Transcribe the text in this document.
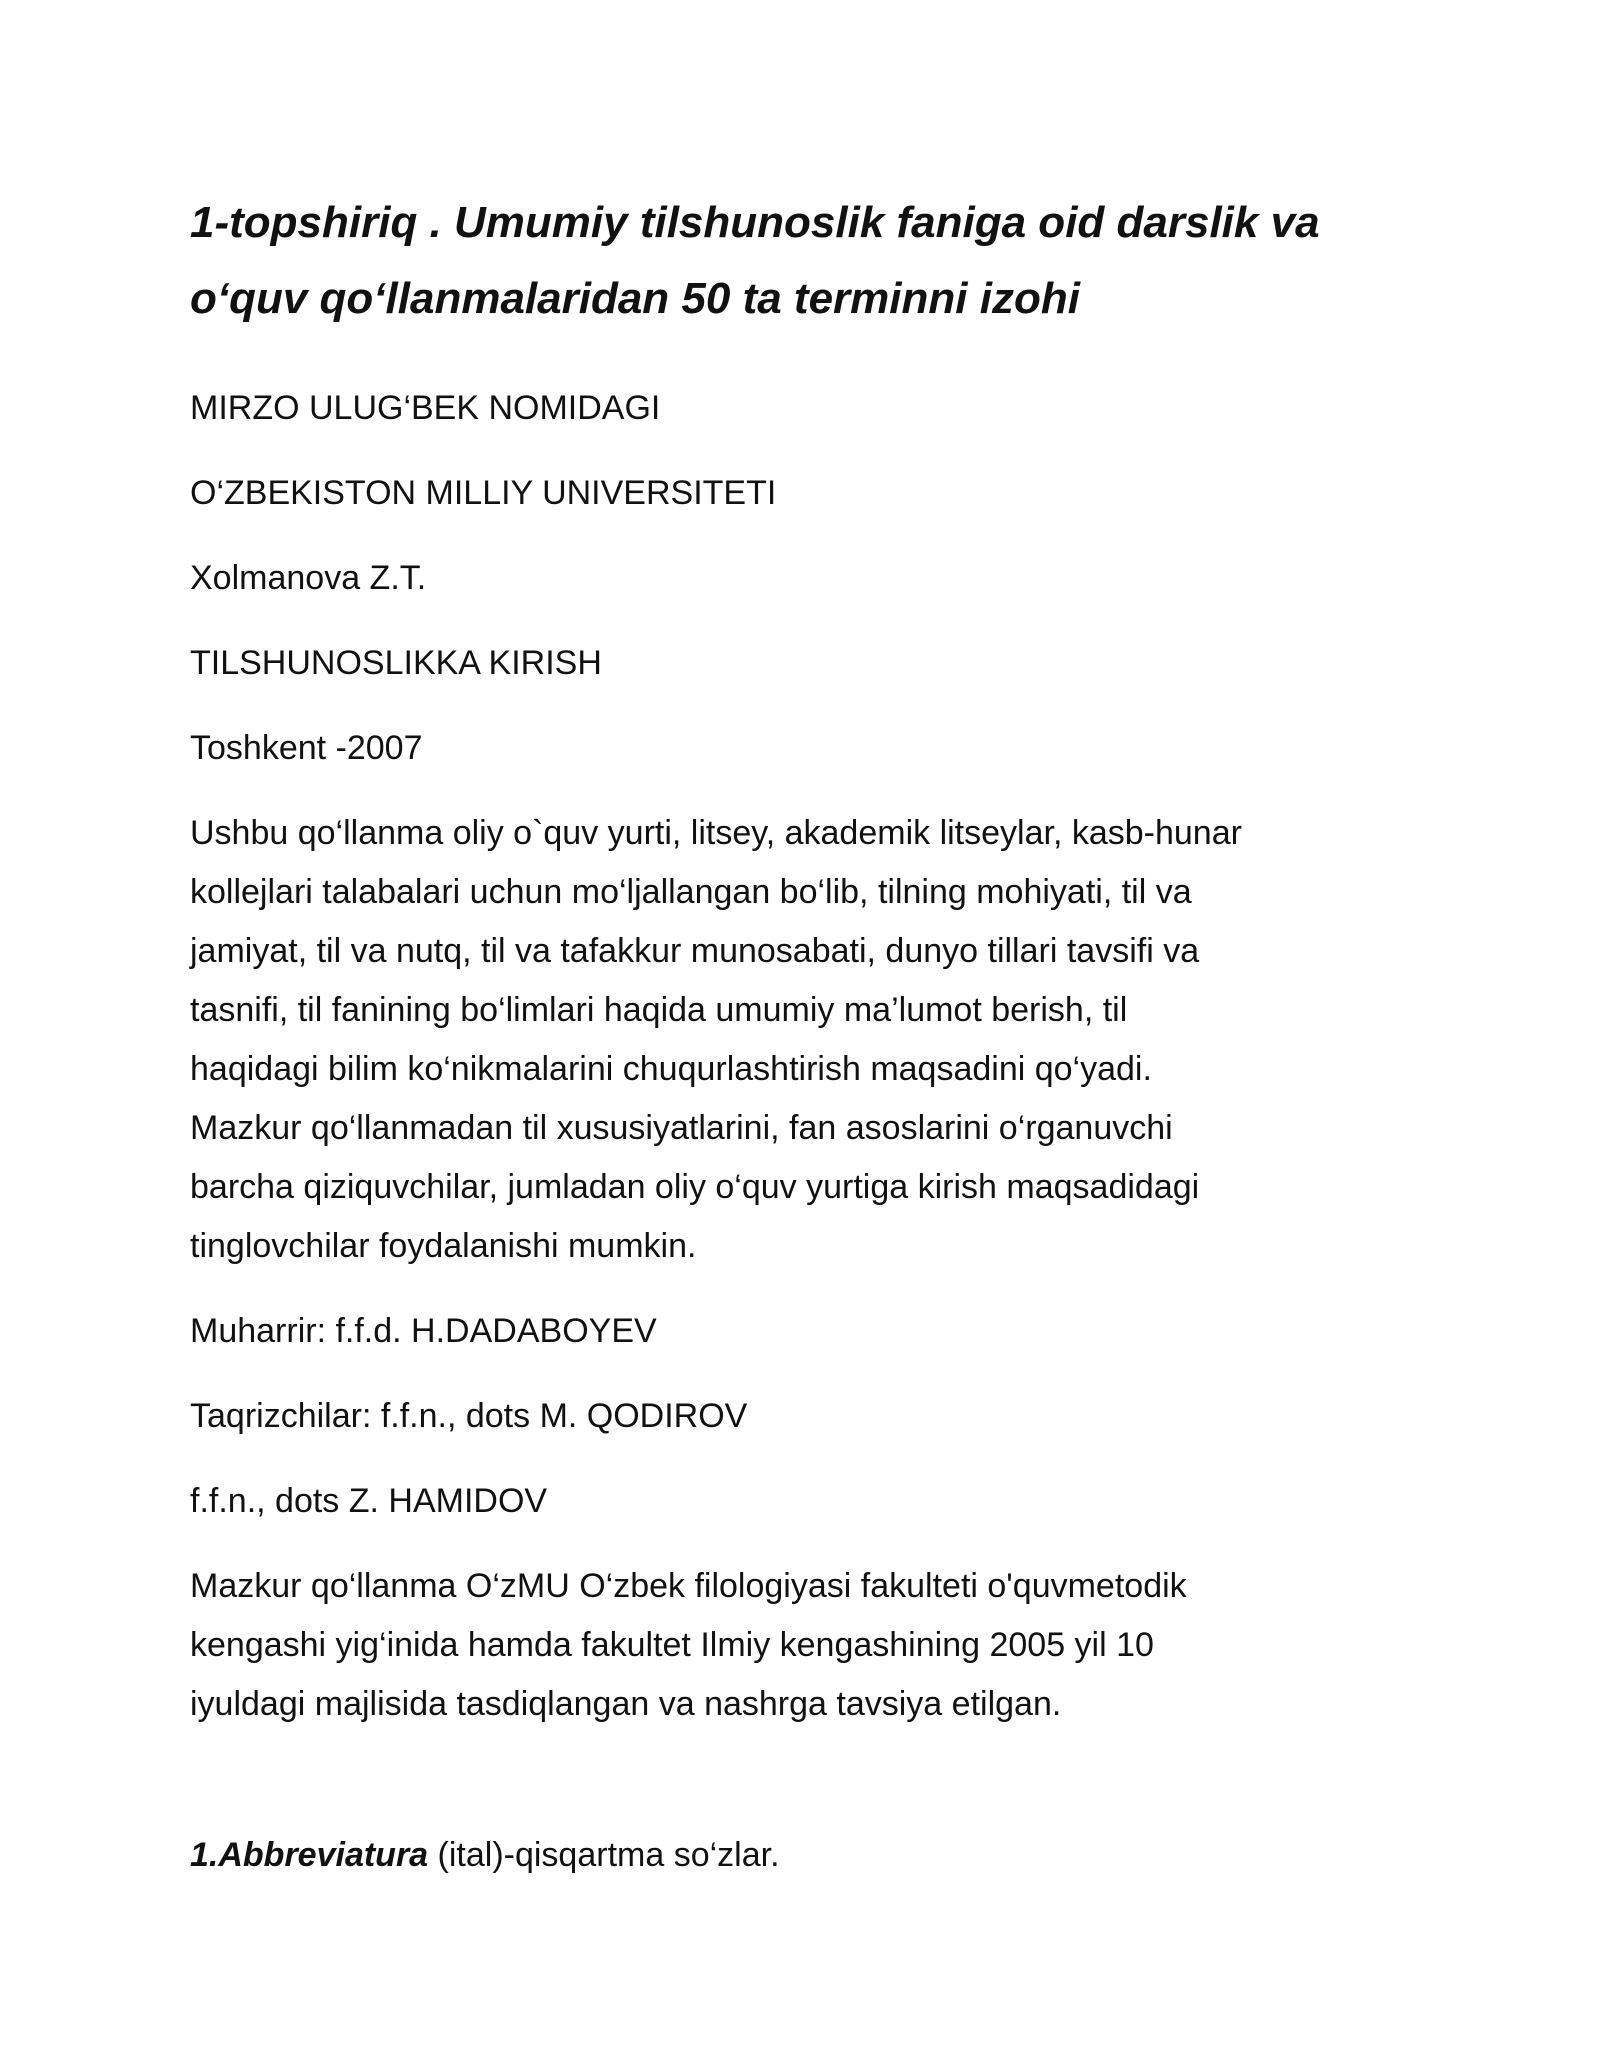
1-topshiriq . Umumiy tilshunoslik faniga oid darslik va
o‘quv qo‘llanmalaridan 50 ta terminni izohi

MIRZO ULUG‘BEK NOMIDAGI

O‘ZBEKISTON MILLIY UNIVERSITETI

Xolmanova Z.T.

TILSHUNOSLIKKA KIRISH

Toshkent -2007

Ushbu qo‘llanma oliy o`quv yurti, litsey, akademik litseylar, kasb-hunar
kollejlari talabalari uchun mo‘ljallangan bo‘lib, tilning mohiyati, til va
jamiyat, til va nutq, til va tafakkur munosabati, dunyo tillari tavsifi va
tasnifi, til fanining bo‘limlari haqida umumiy ma’lumot berish, til
haqidagi bilim ko‘nikmalarini chuqurlashtirish maqsadini qo‘yadi.
Mazkur qo‘llanmadan til xususiyatlarini, fan asoslarini o‘rganuvchi
barcha qiziquvchilar, jumladan oliy o‘quv yurtiga kirish maqsadidagi
tinglovchilar foydalanishi mumkin.

Muharrir: f.f.d. H.DADABOYEV

Taqrizchilar: f.f.n., dots M. QODIROV

f.f.n., dots Z. HAMIDOV

Mazkur qo‘llanma O‘zMU O‘zbek filologiyasi fakulteti o'quvmetodik
kengashi yig‘inida hamda fakultet Ilmiy kengashining 2005 yil 10
iyuldagi majlisida tasdiqlangan va nashrga tavsiya etilgan.

1.Abbreviatura (ital)-qisqartma so‘zlar.
